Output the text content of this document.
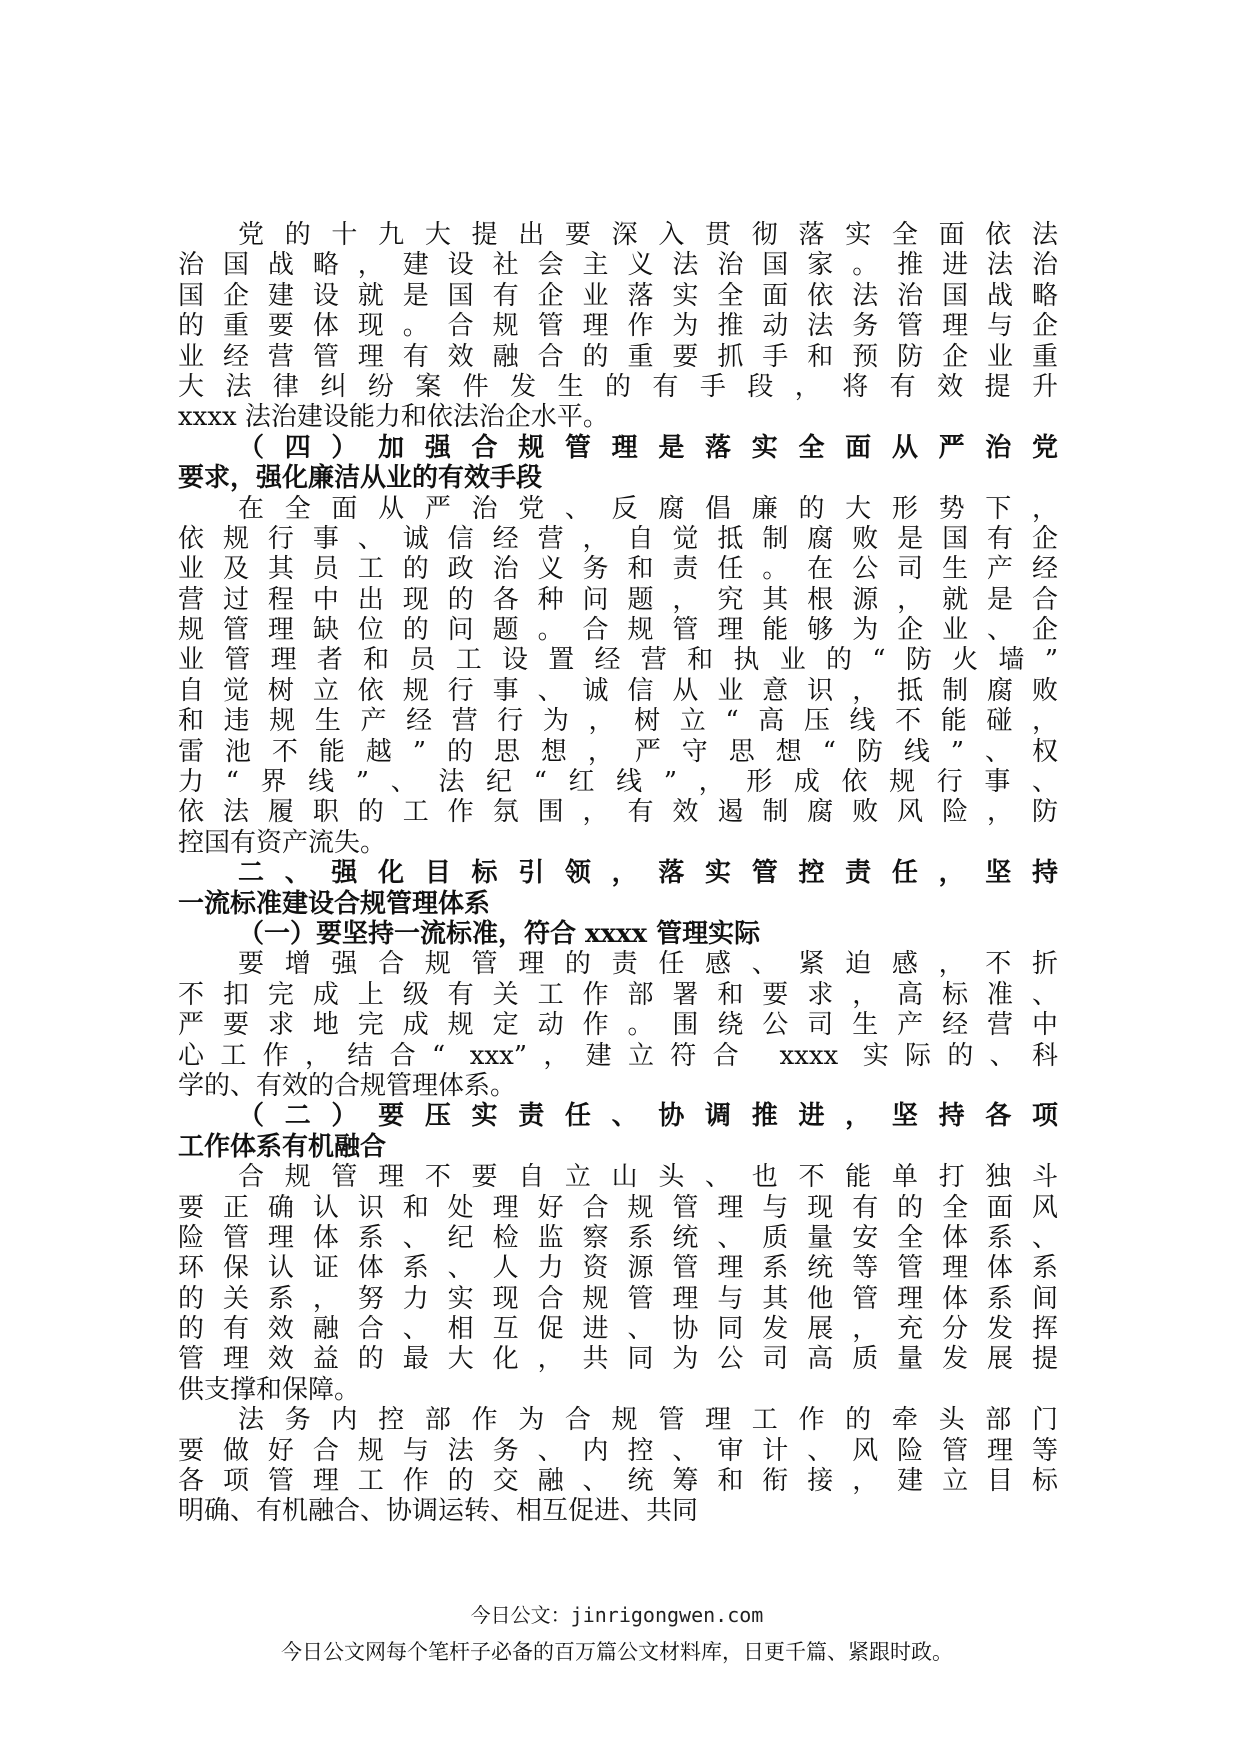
党的十九大提出要深入贯彻落实全面依法
治国战略，建设社会主义法治国家。推进法治
国企建设就是国有企业落实全面依法治国战略
的重要体现。合规管理作为推动法务管理与企
业经营管理有效融合的重要抓手和预防企业重
大法律纠纷案件发生的有手段，将有效提升
xxxx 法治建设能力和依法治企水平。
（四）加强合规管理是落实全面从严治党
要求，强化廉洁从业的有效手段
在全面从严治党、反腐倡廉的大形势下，
依规行事、诚信经营，自觉抵制腐败是国有企
业及其员工的政治义务和责任。在公司生产经
营过程中出现的各种问题，究其根源，就是合
规管理缺位的问题。合规管理能够为企业、企
业管理者和员工设置经营和执业的“防火墙”
自觉树立依规行事、诚信从业意识，抵制腐败
和违规生产经营行为，树立“高压线不能碰，
雷池不能越”的思想，严守思想“防线”、权
力“界线”、法纪“红线”，形成依规行事、
依法履职的工作氛围，有效遏制腐败风险，防
控国有资产流失。
二、强化目标引领，落实管控责任，坚持
一流标准建设合规管理体系
（一）要坚持一流标准，符合 xxxx 管理实际
要增强合规管理的责任感、紧迫感，不折
不扣完成上级有关工作部署和要求，高标准、
严要求地完成规定动作。围绕公司生产经营中
心工作，结合“ xxx”，建立符合 xxxx 实际的、科
学的、有效的合规管理体系。
（二）要压实责任、协调推进，坚持各项
工作体系有机融合
合规管理不要自立山头、也不能单打独斗
要正确认识和处理好合规管理与现有的全面风
险管理体系、纪检监察系统、质量安全体系、
环保认证体系、人力资源管理系统等管理体系
的关系，努力实现合规管理与其他管理体系间
的有效融合、相互促进、协同发展，充分发挥
管理效益的最大化，共同为公司高质量发展提
供支撑和保障。
法务内控部作为合规管理工作的牵头部门
要做好合规与法务、内控、审计、风险管理等
各项管理工作的交融、统筹和衔接，建立目标
明确、有机融合、协调运转、相互促进、共同
今日公文：jinrigongwen.com
今日公文网每个笔杆子必备的百万篇公文材料库，日更千篇、紧跟时政。
